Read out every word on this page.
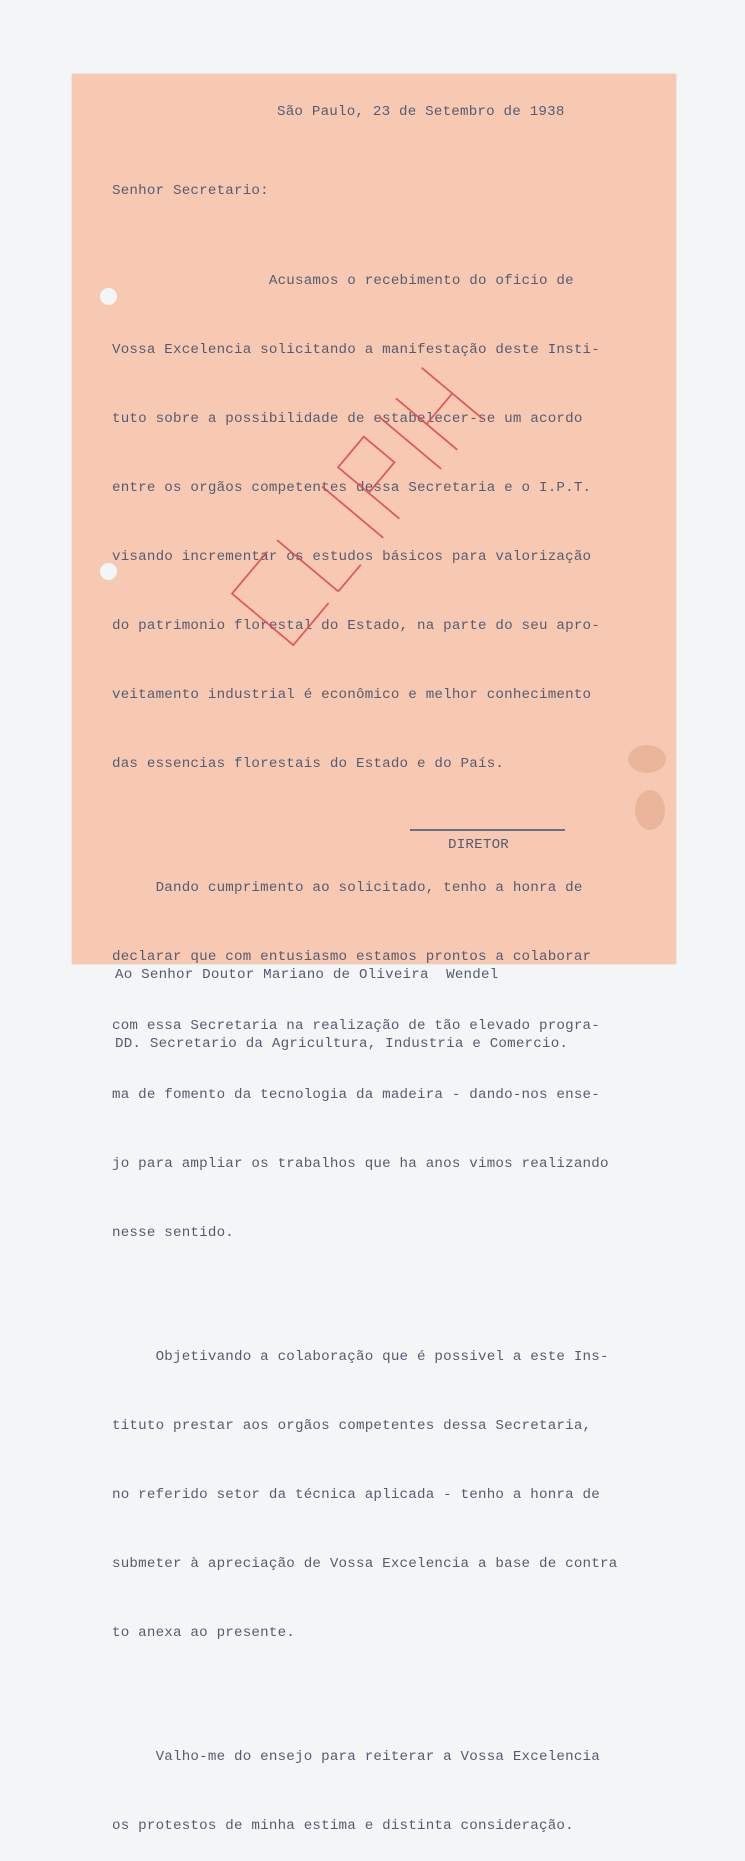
São Paulo, 23 de Setembro de 1938
Senhor Secretario:

Acusamos o recebimento do oficio de

Vossa Excelencia solicitando a manifestação deste Insti-

tuto sobre a possibilidade de estabelecer-se um acordo

entre os orgãos competentes dessa Secretaria e o I.P.T.

visando incrementar os estudos básicos para valorização

do patrimonio florestal do Estado, na parte do seu apro-

veitamento industrial é econômico e melhor conhecimento

das essencias florestais do Estado e do País.

Dando cumprimento ao solicitado, tenho a honra de

declarar que com entusiasmo estamos prontos a colaborar

com essa Secretaria na realização de tão elevado progra-

ma de fomento da tecnologia da madeira - dando-nos ense-

jo para ampliar os trabalhos que ha anos vimos realizando

nesse sentido.

Objetivando a colaboração que é possivel a este Ins-

tituto prestar aos orgãos competentes dessa Secretaria,

no referido setor da técnica aplicada - tenho a honra de

submeter à apreciação de Vossa Excelencia a base de contra

to anexa ao presente.

Valho-me do ensejo para reiterar a Vossa Excelencia

os protestos de minha estima e distinta consideração.

DIRETOR

Ao Senhor Doutor Mariano de Oliveira  Wendel

DD. Secretario da Agricultura, Industria e Comercio.
